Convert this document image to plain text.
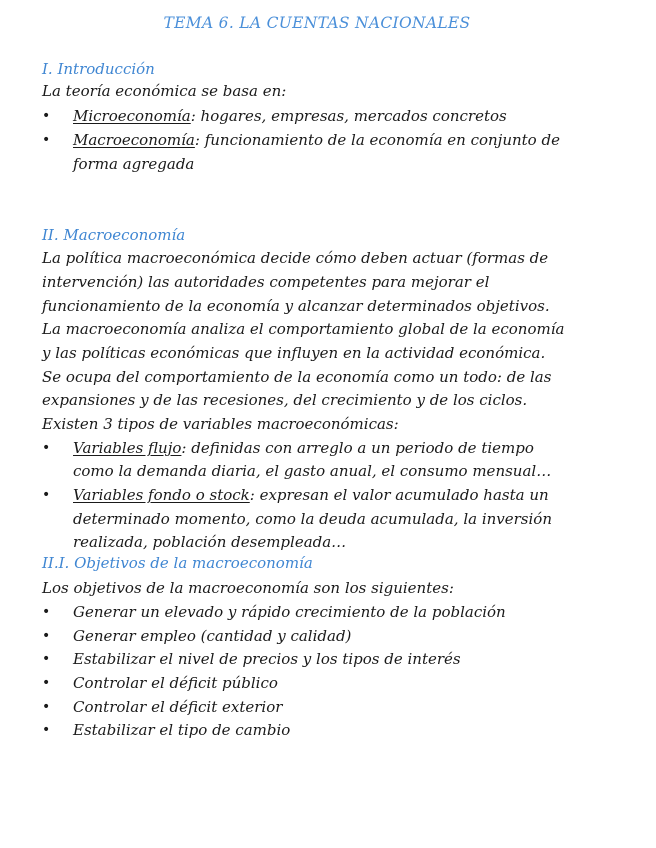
TEMA 6. LA CUENTAS NACIONALES
I. Introducción
La teoría económica se basa en:
• Microeconomía: hogares, empresas, mercados concretos
• Macroeconomía: funcionamiento de la economía en conjunto de
forma agregada
II. Macroeconomía
La política macroeconómica decide cómo deben actuar (formas de
intervención) las autoridades competentes para mejorar el
funcionamiento de la economía y alcanzar determinados objetivos.
La macroeconomía analiza el comportamiento global de la economía
y las políticas económicas que influyen en la actividad económica.
Se ocupa del comportamiento de la economía como un todo: de las
expansiones y de las recesiones, del crecimiento y de los ciclos.
Existen 3 tipos de variables macroeconómicas:
• Variables flujo: definidas con arreglo a un periodo de tiempo
como la demanda diaria, el gasto anual, el consumo mensual…
• Variables fondo o stock: expresan el valor acumulado hasta un
determinado momento, como la deuda acumulada, la inversión
realizada, población desempleada…
II.I. Objetivos de la macroeconomía
Los objetivos de la macroeconomía son los siguientes:
• Generar un elevado y rápido crecimiento de la población
• Generar empleo (cantidad y calidad)
• Estabilizar el nivel de precios y los tipos de interés
• Controlar el déficit público
• Controlar el déficit exterior
• Estabilizar el tipo de cambio
